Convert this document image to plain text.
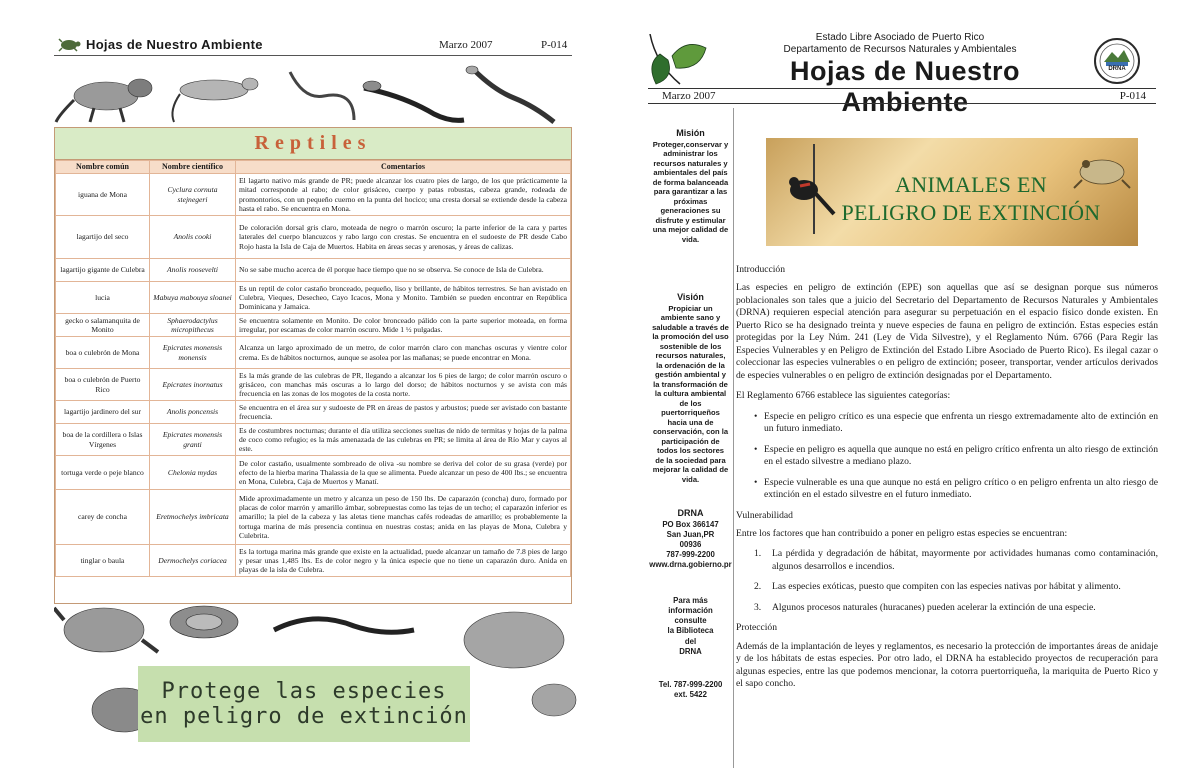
Hojas de Nuestro Ambiente	Marzo 2007	P-014
Reptiles
Nombre común	Nombre científico	Comentarios
iguana de Mona	Cyclura cornuta stejnegeri	El lagarto nativo más grande de PR; puede alcanzar los cuatro pies de largo, de los que prácticamente la mitad corresponde al rabo; de color grisáceo, cuerpo y patas robustas, cabeza grande, rodeada de promontorios, con un pequeño cuerno en la punta del hocico; una cresta dorsal se extiende desde la cabeza hasta el rabo. Se encuentra en Mona.
lagartijo del seco	Anolis cooki	De coloración dorsal gris claro, moteada de negro o marrón oscuro; la parte inferior de la cara y partes laterales del cuerpo blancuzcos y rabo largo con crestas. Se encuentra en el sudoeste de PR desde Cabo Rojo hasta la Isla de Caja de Muertos. Habita en áreas secas y arenosas, y áreas de calizas.
lagartijo gigante de Culebra	Anolis roosevelti	No se sabe mucho acerca de él porque hace tiempo que no se observa. Se conoce de Isla de Culebra.
lucia	Mabuya mabouya sloanei	Es un reptil de color castaño bronceado, pequeño, liso y brillante, de hábitos terrestres. Se han avistado en Culebra, Vieques, Desecheo, Cayo Icacos, Mona y Monito. También se pueden encontrar en República Dominicana y Jamaica.
gecko o salamanquita de Monito	Sphaerodactylus micropithecus	Se encuentra solamente en Monito. De color bronceado pálido con la parte superior moteada, en forma irregular, por escamas de color marrón oscuro. Mide 1 ½ pulgadas.
boa o culebrón de Mona	Epicrates monensis monensis	Alcanza un largo aproximado de un metro, de color marrón claro con manchas oscuras y vientre color crema. Es de hábitos nocturnos, aunque se asolea por las mañanas; se puede encontrar en Mona.
boa o culebrón de Puerto Rico	Epicrates inornatus	Es la más grande de las culebras de PR, llegando a alcanzar los 6 pies de largo; de color marrón oscuro o grisáceo, con manchas más oscuras a lo largo del dorso; de hábitos nocturnos y se avista con más frecuencia en las zonas de los mogotes de la costa norte.
lagartijo jardinero del sur	Anolis poncensis	Se encuentra en el área sur y sudoeste de PR en áreas de pastos y arbustos; puede ser avistado con bastante frecuencia.
boa de la cordillera o Islas Vírgenes	Epicrates monensis granti	Es de costumbres nocturnas; durante el día utiliza secciones sueltas de nido de termitas y hojas de la palma de coco como refugio; es la más amenazada de las culebras en PR; se limita al área de Río Mar y cayos al este.
tortuga verde o peje blanco	Chelonia mydas	De color castaño, usualmente sombreado de oliva -su nombre se deriva del color de su grasa (verde) por efecto de la hierba marina Thalassia de la que se alimenta. Puede alcanzar un peso de 400 lbs.; se encuentra en Mona, Culebra, Caja de Muertos y Manatí.
carey de concha	Eretmochelys imbricata	Mide aproximadamente un metro y alcanza un peso de 150 lbs. De caparazón (concha) duro, formado por placas de color marrón y amarillo ámbar, sobrepuestas como las tejas de un techo; el caparazón inferior es amarillo; la piel de la cabeza y las aletas tiene manchas cafés rodeadas de amarillo; es probablemente la tortuga marina de más presencia continua en nuestras costas; anida en las playas de Mona, Culebra y Culebrita.
tinglar o baula	Dermochelys coriacea	Es la tortuga marina más grande que existe en la actualidad, puede alcanzar un tamaño de 7.8 pies de largo y pesar unas 1,485 lbs. Es de color negro y la única especie que no tiene un caparazón duro. Anida en playas de la isla de Culebra.
Protege las especies
en peligro de extinción
Estado Libre Asociado de Puerto Rico
Departamento de Recursos Naturales y Ambientales
Hojas de Nuestro Ambiente
DRNA
Marzo 2007	P-014
Misión
Proteger,conservar y administrar los recursos naturales y ambientales del país de forma balanceada para garantizar a las próximas generaciones su disfrute y estimular una mejor calidad de vida.
Visión
Propiciar un ambiente sano y saludable a través de la promoción del uso sostenible de los recursos naturales, la ordenación de la gestión ambiental y la transformación de la cultura ambiental de los puertorriqueños hacia una de conservación, con la participación de todos los sectores de la sociedad para mejorar la calidad de vida.
DRNA
PO Box 366147
San Juan,PR
00936
787-999-2200
www.drna.gobierno.pr
Para más
información
consulte
la Biblioteca
del
DRNA
Tel. 787-999-2200
ext. 5422
ANIMALES EN
PELIGRO DE EXTINCIÓN

Introducción

Las especies en peligro de extinción (EPE) son aquellas que así se designan porque sus números poblacionales son tales que a juicio del Secretario del Departamento de Recursos Naturales y Ambientales (DRNA) requieren especial atención para asegurar su perpetuación en el espacio físico donde existen. En Puerto Rico se ha designado treinta y nueve especies de fauna en peligro de extinción. Estas especies están protegidas por la Ley Núm. 241 (Ley de Vida Silvestre), y el Reglamento Núm. 6766 (Para Regir las Especies Vulnerables y en Peligro de Extinción del Estado Libre Asociado de Puerto Rico). Es ilegal cazar o coleccionar las especies vulnerables o en peligro de extinción; poseer, transportar, vender artículos derivados de especies vulnerables o en peligro de extinción designadas por el Departamento.

El Reglamento 6766 establece las siguientes categorías:

• Especie en peligro crítico es una especie que enfrenta un riesgo extremadamente alto de extinción en un futuro inmediato.
• Especie en peligro es aquella que aunque no está en peligro crítico enfrenta un alto riesgo de extinción en el estado silvestre a mediano plazo.
• Especie vulnerable es una que aunque no está en peligro crítico o en peligro enfrenta un alto riesgo de extinción en el estado silvestre en el futuro inmediato.

Vulnerabilidad

Entre los factores que han contribuido a poner en peligro estas especies se encuentran:

1.	La pérdida y degradación de hábitat, mayormente por actividades humanas como contaminación, algunos desarrollos e incendios.
2.	Las especies exóticas, puesto que compiten con las especies nativas por hábitat y alimento.
3.	Algunos procesos naturales (huracanes) pueden acelerar la extinción de una especie.

Protección

Además de la implantación de leyes y reglamentos, es necesario la protección de importantes áreas de anidaje y de los hábitats de estas especies. Por otro lado, el DRNA ha establecido proyectos de recuperación para algunas especies, entre las que podemos mencionar, la cotorra puertorriqueña, la mariquita de Puerto Rico y el sapo concho.
